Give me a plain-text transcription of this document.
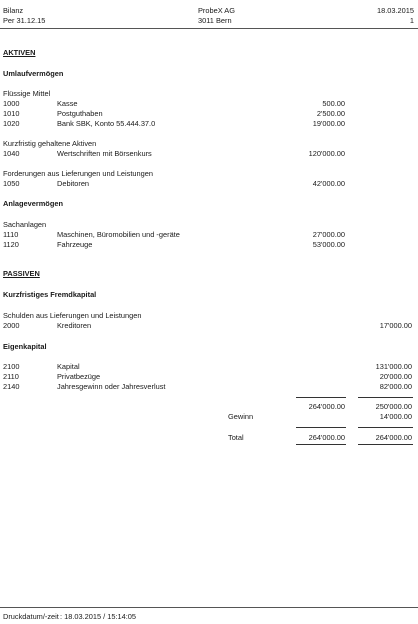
Bilanz
Per 31.12.15
ProbeX AG
3011 Bern
18.03.2015
1
AKTIVEN
Umlaufvermögen
Flüssige Mittel
1000	Kasse	500.00
1010	Postguthaben	2'500.00
1020	Bank SBK, Konto 55.444.37.0	19'000.00
Kurzfristig gehaltene Aktiven
1040	Wertschriften mit Börsenkurs	120'000.00
Forderungen aus Lieferungen und Leistungen
1050	Debitoren	42'000.00
Anlagevermögen
Sachanlagen
1110	Maschinen, Büromobilien und -geräte	27'000.00
1120	Fahrzeuge	53'000.00
PASSIVEN
Kurzfristiges Fremdkapital
Schulden aus Lieferungen und Leistungen
2000	Kreditoren	17'000.00
Eigenkapital
2100	Kapital	131'000.00
2110	Privatbezüge	20'000.00
2140	Jahresgewinn oder Jahresverlust	82'000.00
264'000.00	250'000.00
Gewinn	14'000.00
Total	264'000.00	264'000.00
Druckdatum/-zeit : 18.03.2015 / 15:14:05
